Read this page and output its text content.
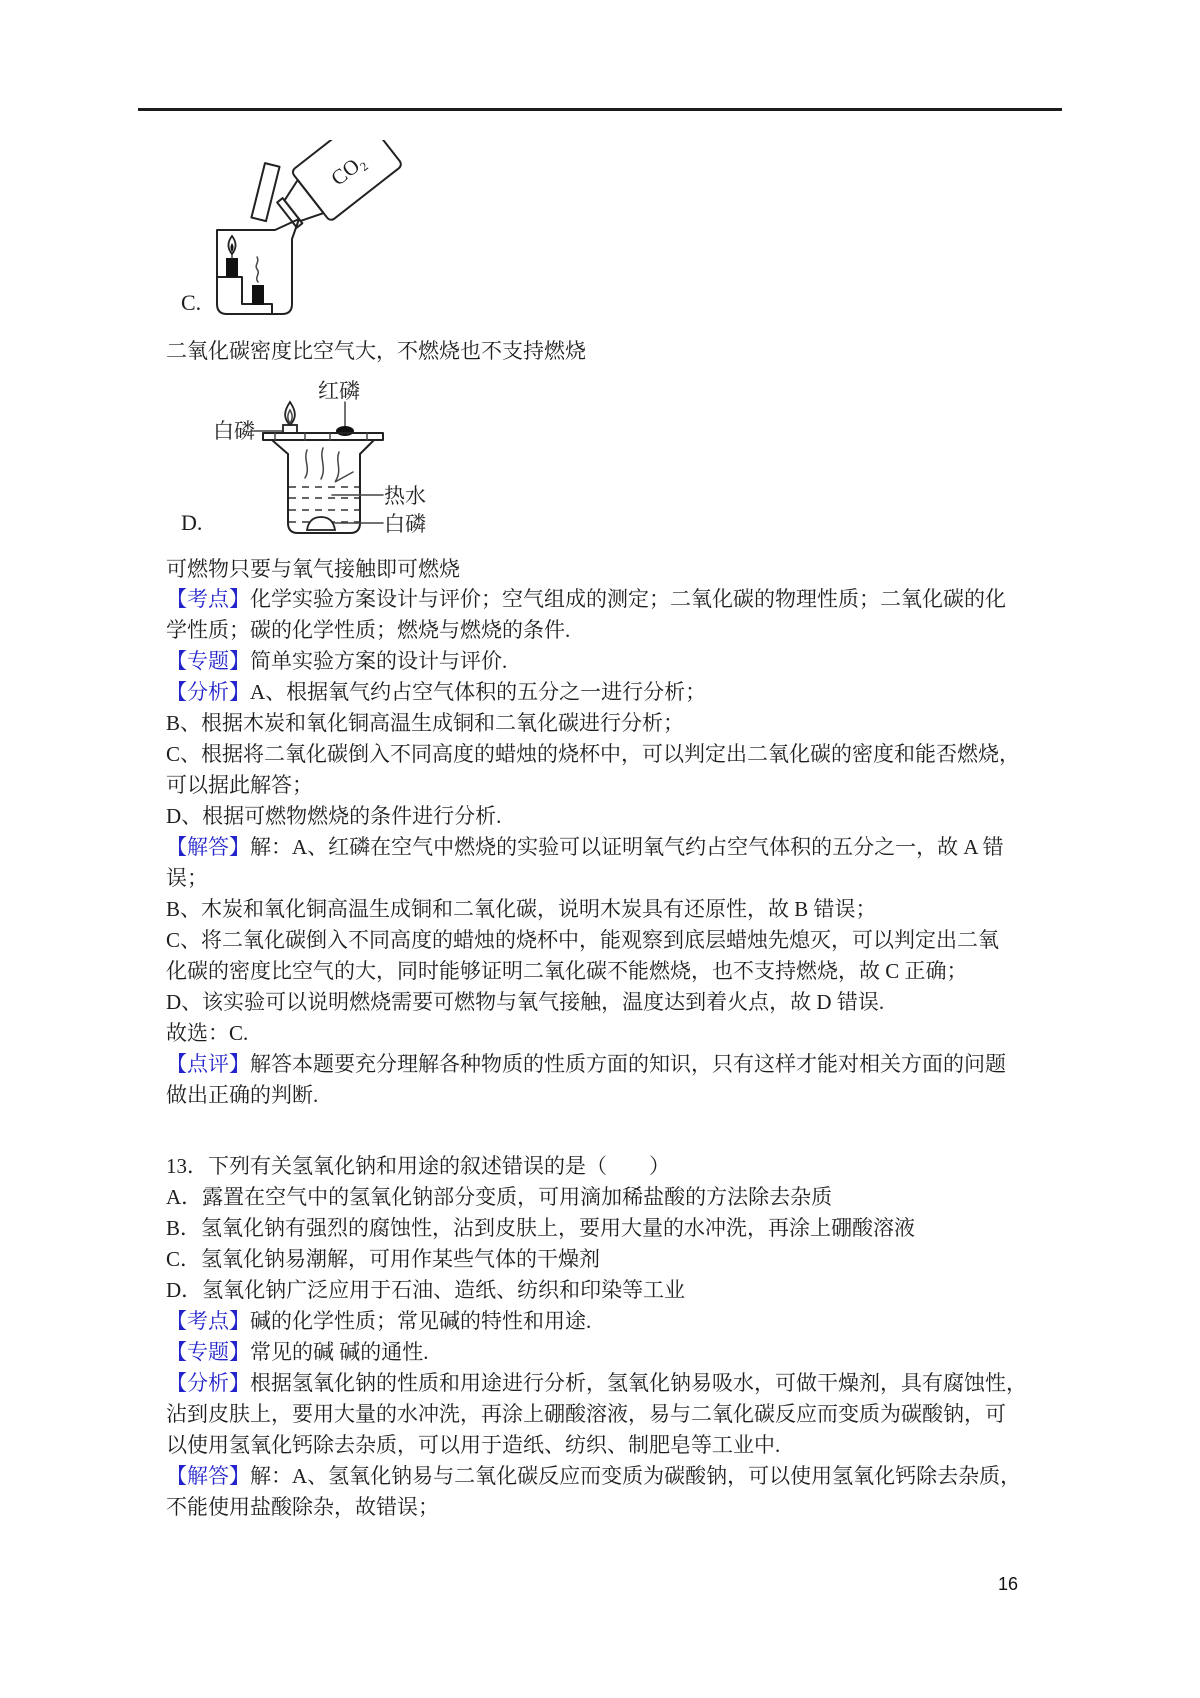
CO₂
C.
二氧化碳密度比空气大，不燃烧也不支持燃烧
红磷
白磷
热水
白磷
D.
可燃物只要与氧气接触即可燃烧
【考点】化学实验方案设计与评价；空气组成的测定；二氧化碳的物理性质；二氧化碳的化
学性质；碳的化学性质；燃烧与燃烧的条件.
【专题】简单实验方案的设计与评价.
【分析】A、根据氧气约占空气体积的五分之一进行分析；
B、根据木炭和氧化铜高温生成铜和二氧化碳进行分析；
C、根据将二氧化碳倒入不同高度的蜡烛的烧杯中，可以判定出二氧化碳的密度和能否燃烧，
可以据此解答；
D、根据可燃物燃烧的条件进行分析.
【解答】解：A、红磷在空气中燃烧的实验可以证明氧气约占空气体积的五分之一，故 A 错
误；
B、木炭和氧化铜高温生成铜和二氧化碳，说明木炭具有还原性，故 B 错误；
C、将二氧化碳倒入不同高度的蜡烛的烧杯中，能观察到底层蜡烛先熄灭，可以判定出二氧
化碳的密度比空气的大，同时能够证明二氧化碳不能燃烧，也不支持燃烧，故 C 正确；
D、该实验可以说明燃烧需要可燃物与氧气接触，温度达到着火点，故 D 错误.
故选：C.
【点评】解答本题要充分理解各种物质的性质方面的知识，只有这样才能对相关方面的问题
做出正确的判断.
13．下列有关氢氧化钠和用途的叙述错误的是（　　）
A．露置在空气中的氢氧化钠部分变质，可用滴加稀盐酸的方法除去杂质
B．氢氧化钠有强烈的腐蚀性，沾到皮肤上，要用大量的水冲洗，再涂上硼酸溶液
C．氢氧化钠易潮解，可用作某些气体的干燥剂
D．氢氧化钠广泛应用于石油、造纸、纺织和印染等工业
【考点】碱的化学性质；常见碱的特性和用途.
【专题】常见的碱 碱的通性.
【分析】根据氢氧化钠的性质和用途进行分析，氢氧化钠易吸水，可做干燥剂，具有腐蚀性，
沾到皮肤上，要用大量的水冲洗，再涂上硼酸溶液，易与二氧化碳反应而变质为碳酸钠，可
以使用氢氧化钙除去杂质，可以用于造纸、纺织、制肥皂等工业中.
【解答】解：A、氢氧化钠易与二氧化碳反应而变质为碳酸钠，可以使用氢氧化钙除去杂质，
不能使用盐酸除杂，故错误；
16
